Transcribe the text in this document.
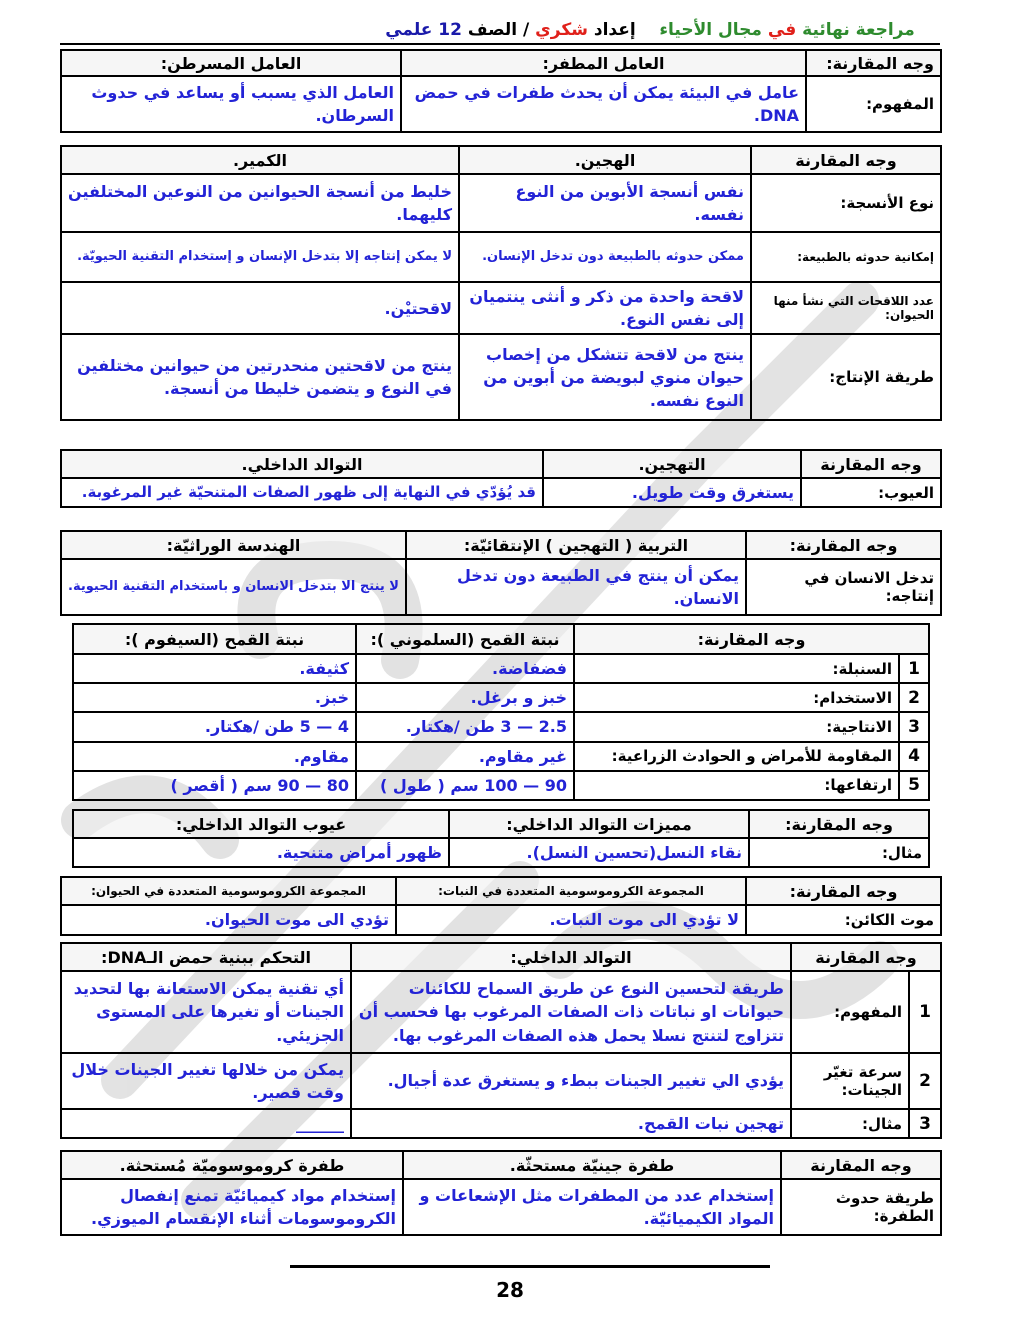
مراجعة نهائية في مجال الأحياء    إعداد شكري / الصف 12 علمي
وجه المقارنة:	العامل المطفر:	العامل المسرطن:
المفهوم:	عامل في البيئة يمكن أن يحدث طفرات في حمض DNA.	العامل الذي يسبب أو يساعد في حدوث السرطان.
وجه المقارنة	الهجين.	الكمير.
نوع الأنسجة:	نفس أنسجة الأبوين من النوع نفسه.	خليط من أنسجة الحيوانين من النوعين المختلفين كليهما.
إمكانية حدوثه بالطبيعة:	ممكن حدوثه بالطبيعة دون تدخل الإنسان.	لا يمكن إنتاجه إلا بتدخل الإنسان و إستخدام التقنية الحيويّة.
عدد اللاقحات التي نشأ منها الحيوان:	لاقحة واحدة من ذكر و أنثى ينتميان إلى نفس النوع.	لاقحتيْن.
طريقة الإنتاج:	ينتج من لاقحة تتشكل من إخصاب حيوان منوي لبويضة من أبوين من النوع نفسه.	ينتج من لاقحتين منحدرتين من حيوانين مختلفين في النوع و يتضمن خليطا من أنسجة.
وجه المقارنة	التهجين.	التوالد الداخلي.
العيوب:	يستغرق وقت طويل.	قد يُؤدّي في النهاية إلى ظهور الصفات المتنحيّة غير المرغوبة.
وجه المقارنة:	التربية ( التهجين ) الإنتقائيّة:	الهندسة الوراثيّة:
تدخل الانسان في إنتاجه:	يمكن أن ينتج في الطبيعة دون تدخل الانسان.	لا ينتج الا بتدخل الانسان و باستخدام التقنية الحيوية.
وجه المقارنة:		نبتة القمح (السلموني ):	نبتة القمح (السيفوم ):
1	السنبلة:	فضفاضة.	كثيفة.
2	الاستخدام:	خبز و برغل.	خبز.
3	الانتاجية:	2.5 — 3 طن /هكتار.	4 — 5 طن /هكتار.
4	المقاومة للأمراض و الحوادث الزراعية:	غير مقاوم.	مقاوم.
5	ارتفاعها:	90 — 100 سم ( طول )	80 — 90 سم ( أقصر )
وجه المقارنة:	مميزات التوالد الداخلي:	عيوب التوالد الداخلي:
مثال:	نقاء النسل(تحسين النسل).	ظهور أمراض متنحية.
وجه المقارنة:	المجموعة الكروموسومية المتعددة في النبات:	المجموعة الكروموسومية المتعددة في الحيوان:
موت الكائن:	لا تؤدي الى موت النبات.	تؤدي الى موت الحيوان.
وجه المقارنة		التوالد الداخلي:	التحكم ببنية حمض الـDNA:
1	المفهوم:	طريقة لتحسين النوع عن طريق السماح للكائنات حيوانات او نباتات ذات الصفات المرغوب بها فحسب أن تتزاوج لتنتج نسلا يحمل هذه الصفات المرغوب بها.	أي تقنية يمكن الاستعانة بها لتحديد الجينات أو تغيرها على المستوى الجزيئي.
2	سرعة تغيّر الجينات:	يؤدي الي تغيير الجينات ببطء و يستغرق عدة أجيال.	يمكن من خلالها تغيير الجينات خلال وقت قصير.
3	مثال:	تهجين نبات القمح.	______
وجه المقارنة	طفرة جينيّة مستحثّة.	طفرة كروموسوميّة مُستحثة.
طريقة حدوث الطفرة:	إستخدام عدد من المطفرات مثل الإشعاعات و المواد الكيميائيّة.	إستخدام مواد كيميائيّة تمنع إنفصال الكروموسومات أثناء الإنقسام الميوزي.
28
